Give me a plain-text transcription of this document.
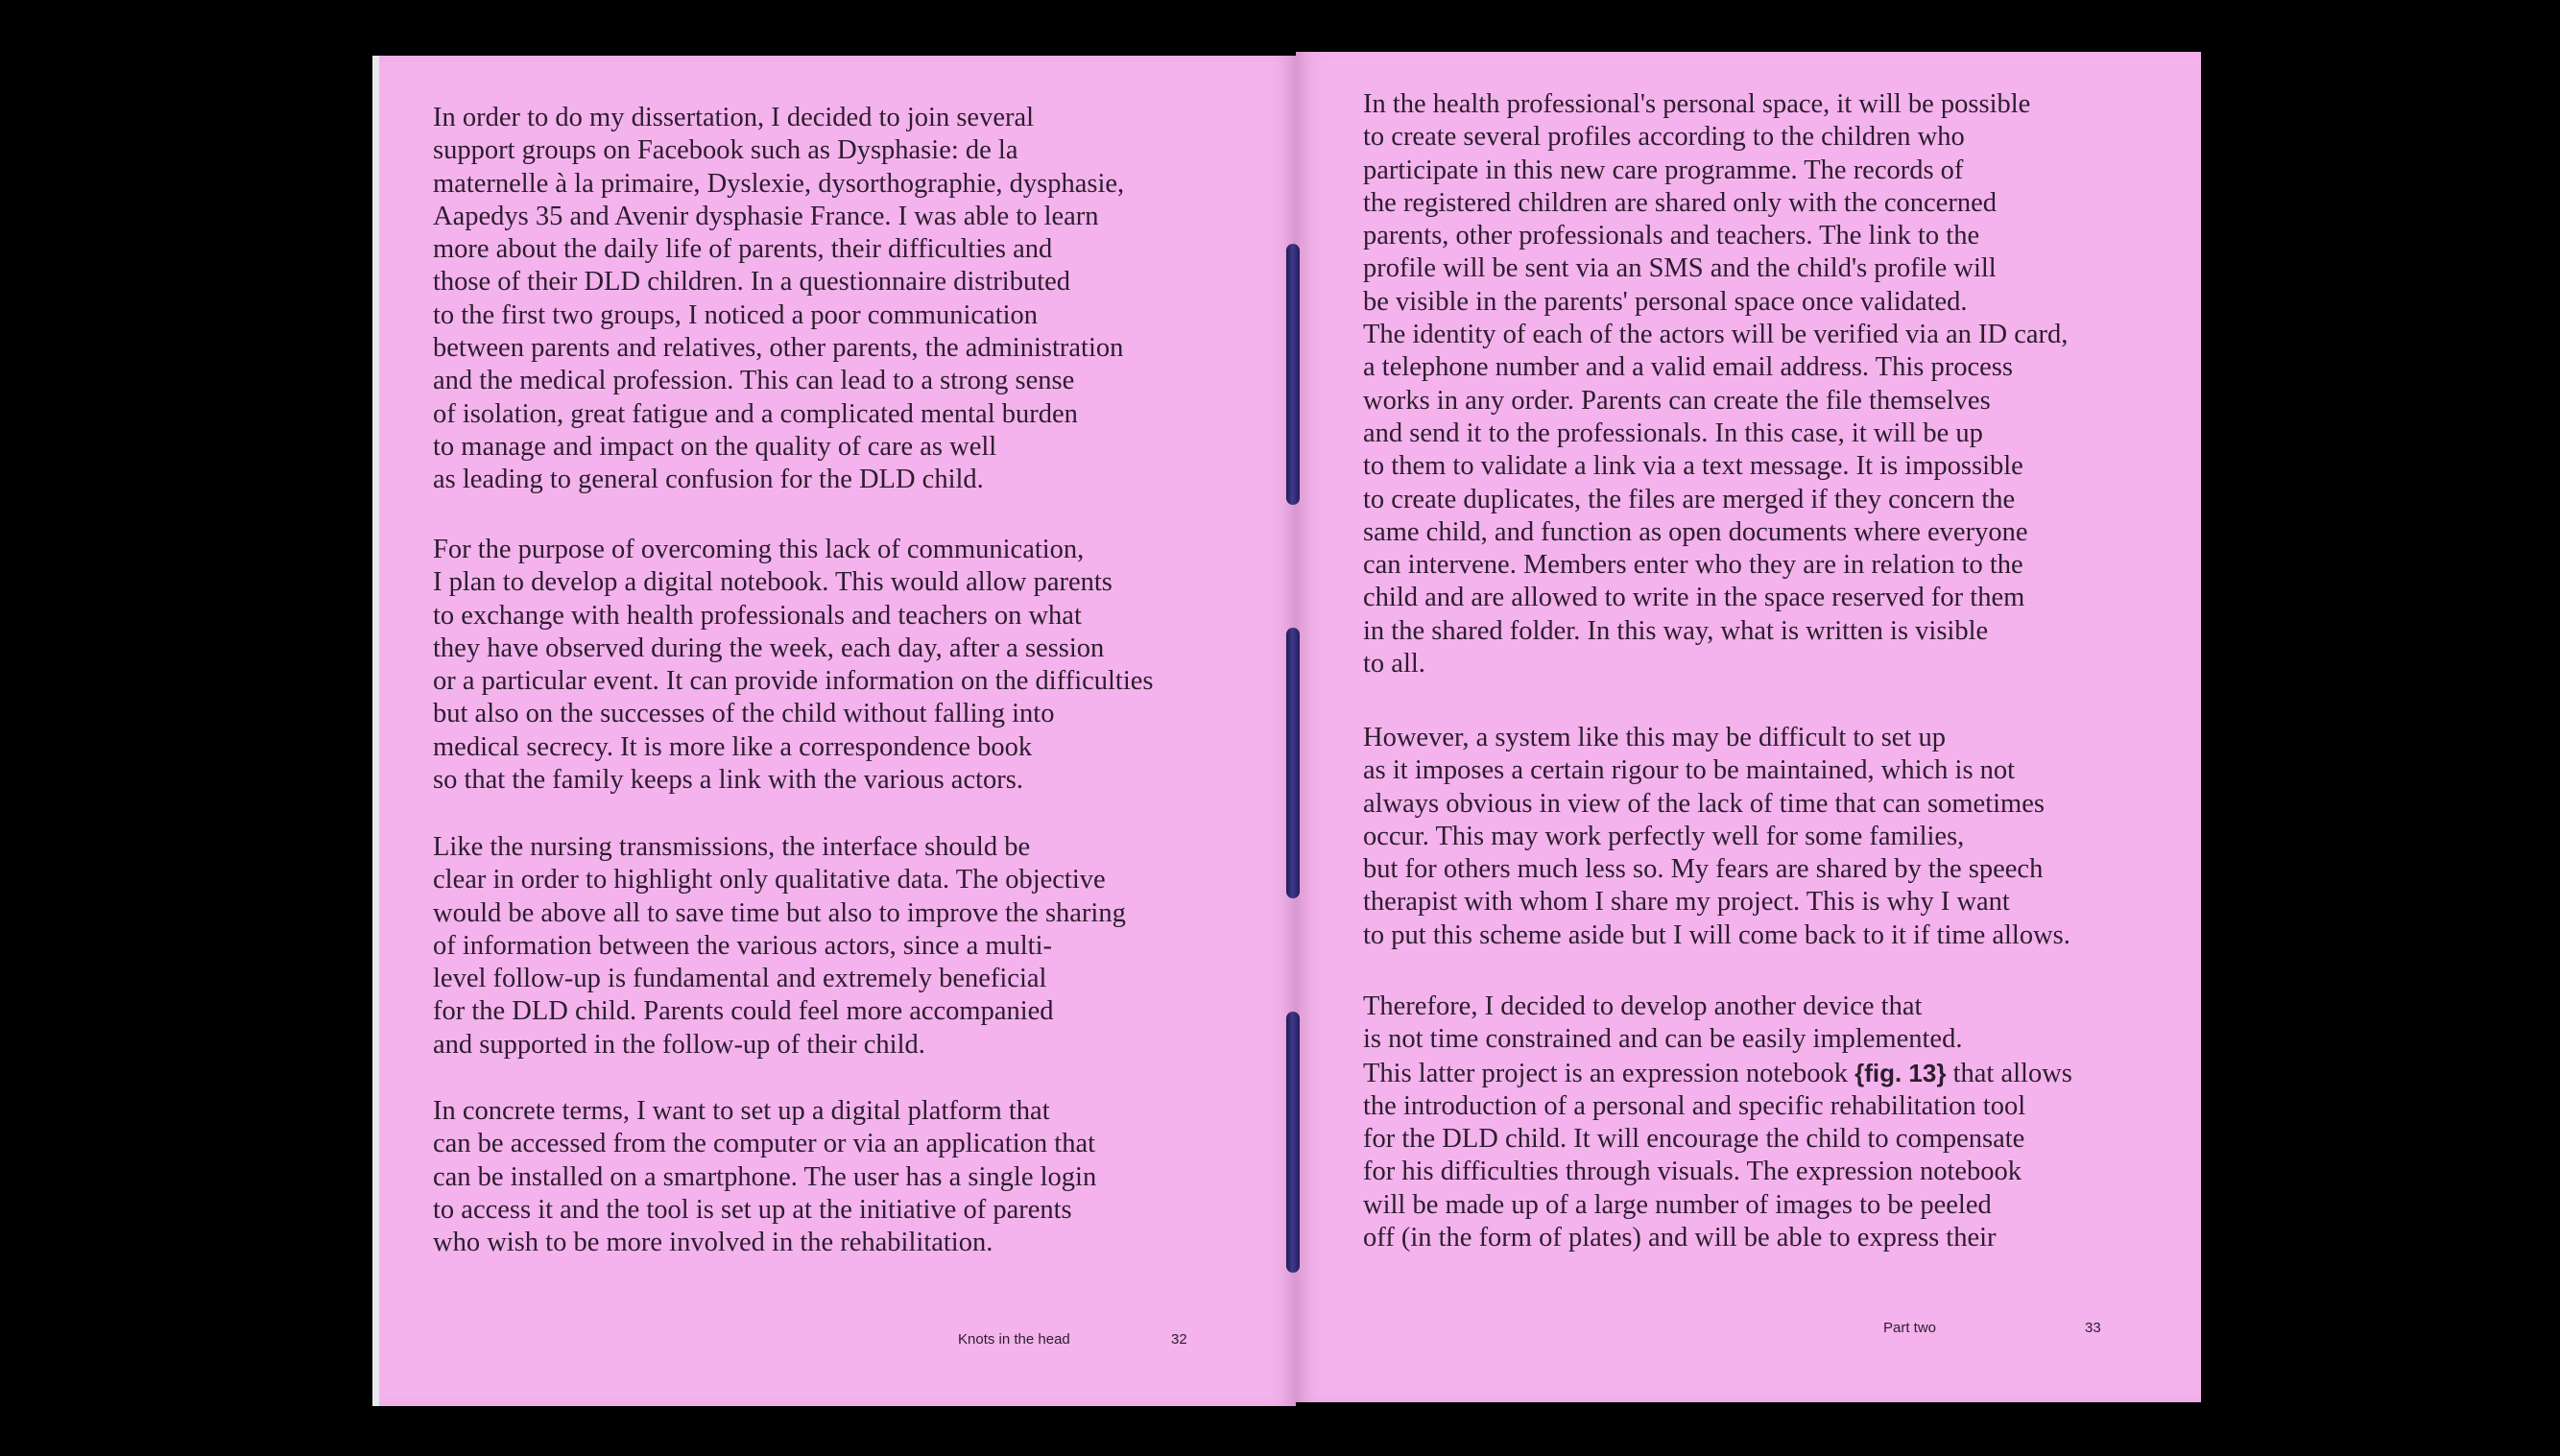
In order to do my dissertation, I decided to join several
support groups on Facebook such as Dysphasie: de la
maternelle à la primaire, Dyslexie, dysorthographie, dysphasie,
Aapedys 35 and Avenir dysphasie France. I was able to learn
more about the daily life of parents, their difficulties and
those of their DLD children. In a questionnaire distributed
to the first two groups, I noticed a poor communication
between parents and relatives, other parents, the administration
and the medical profession. This can lead to a strong sense
of isolation, great fatigue and a complicated mental burden
to manage and impact on the quality of care as well
as leading to general confusion for the DLD child.
For the purpose of overcoming this lack of communication,
I plan to develop a digital notebook. This would allow parents
to exchange with health professionals and teachers on what
they have observed during the week, each day, after a session
or a particular event. It can provide information on the difficulties
but also on the successes of the child without falling into
medical secrecy. It is more like a correspondence book
so that the family keeps a link with the various actors.
Like the nursing transmissions, the interface should be
clear in order to highlight only qualitative data. The objective
would be above all to save time but also to improve the sharing
of information between the various actors, since a multi-
level follow-up is fundamental and extremely beneficial
for the DLD child. Parents could feel more accompanied
and supported in the follow-up of their child.
In concrete terms, I want to set up a digital platform that
can be accessed from the computer or via an application that
can be installed on a smartphone. The user has a single login
to access it and the tool is set up at the initiative of parents
who wish to be more involved in the rehabilitation.
Knots in the head	32
In the health professional's personal space, it will be possible
to create several profiles according to the children who
participate in this new care programme. The records of
the registered children are shared only with the concerned
parents, other professionals and teachers. The link to the
profile will be sent via an SMS and the child's profile will
be visible in the parents' personal space once validated.
The identity of each of the actors will be verified via an ID card,
a telephone number and a valid email address. This process
works in any order. Parents can create the file themselves
and send it to the professionals. In this case, it will be up
to them to validate a link via a text message. It is impossible
to create duplicates, the files are merged if they concern the
same child, and function as open documents where everyone
can intervene. Members enter who they are in relation to the
child and are allowed to write in the space reserved for them
in the shared folder. In this way, what is written is visible
to all.
However, a system like this may be difficult to set up
as it imposes a certain rigour to be maintained, which is not
always obvious in view of the lack of time that can sometimes
occur. This may work perfectly well for some families,
but for others much less so. My fears are shared by the speech
therapist with whom I share my project. This is why I want
to put this scheme aside but I will come back to it if time allows.
Therefore, I decided to develop another device that
is not time constrained and can be easily implemented.
This latter project is an expression notebook {fig. 13} that allows
the introduction of a personal and specific rehabilitation tool
for the DLD child. It will encourage the child to compensate
for his difficulties through visuals. The expression notebook
will be made up of a large number of images to be peeled
off (in the form of plates) and will be able to express their
Part two	33
